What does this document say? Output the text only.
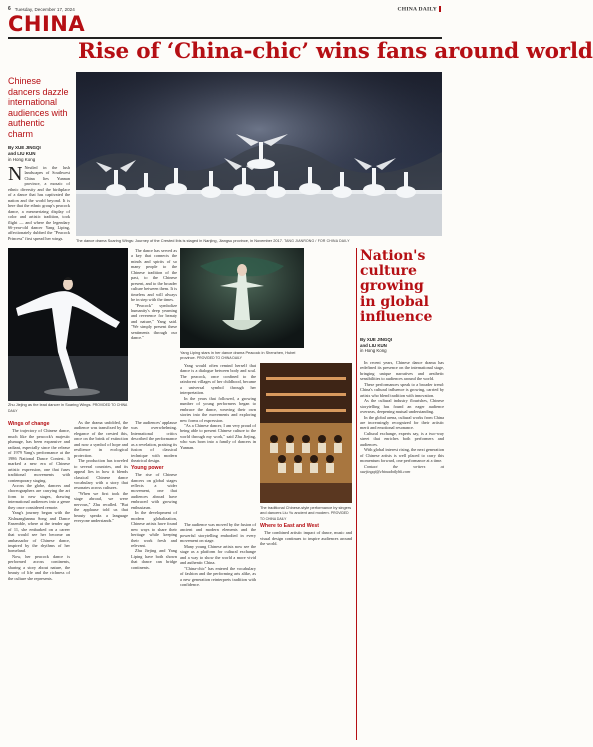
6 Tuesday, December 17, 2024	CHINA DAILY
CHINA
Rise of ‘China-chic’ wins fans around world
Chinese dancers dazzle international audiences with authentic charm
By XUE JINGQI
and LIU KUN
in Hong Kong

N Nestled in the lush landscapes of Southwest China lies Yunnan province, a mosaic of ethnic diversity and the birthplace of a dance that has captivated the nation and the world beyond. It is here that the ethnic group's peacock dance, a mesmerizing display of color and artistic tradition, took flight — and where the legendary 66-year-old dancer Yang Liping, affectionately dubbed the "Peacock Princess" first spread her wings.	The dance drama Soaring Wings: Journey of the Crested Ibis is staged in Nanjing, Jiangsu province, in November 2017. TANG JIANRONG / FOR CHINA DAILY
Zhu Jiejing as the lead dancer in Soaring Wings. PROVIDED TO CHINA DAILY
Yang Liping stars in her dance drama Peacock in Shenzhen, Hubei province. PROVIDED TO CHINA DAILY
The traditional Chinese-style performance by singers and dancers Liu Yu ancient and modern. PROVIDED TO CHINA DAILY

The dance has served as a key that connects the minds and spirits of so many people to the Chinese tradition of the past, to the Chinese present, and to the broader culture between them. It is timeless and will always be in step with the times.

"Peacock" symbolize humanity's deep yearning and reverence for beauty and nature," Yang said. "We simply present these sentiments through our dance."

Yang would often remind herself that dance is a dialogue between body and soul. The peacock, once confined to the rainforest villages of her childhood, became a universal symbol through her interpretation.

In the years that followed, a growing number of young performers began to embrace the dance, weaving their own stories into the movements and exploring new forms of expression.

"As a Chinese dancer, I am very proud of being able to present Chinese culture to the world through my work," said Zhu Jiejing, who was born into a family of dancers in Yunnan.

Wings of change

The trajectory of Chinese dance, much like the peacock's majestic plumage, has been expansive and radiant, especially since the release of 1979 Yang's performance at the 1986 National Dance Contest. It marked a new era of Chinese artistic expression, one that fuses traditional movements with contemporary staging.

Across the globe, dancers and choreographers are carrying the art form to new stages, drawing international audiences into a genre they once considered remote.

Yang's journey began with the Xishuangbanna Song and Dance Ensemble, where at the tender age of 11, she embarked on a career that would see her become an ambassador of Chinese dance, inspired by the rhythms of her homeland.

Now, her peacock dance is performed across continents, sharing a story about nature, the beauty of life and the richness of the culture she represents.

As the drama unfolded, the audience was transfixed by the elegance of the crested ibis, once on the brink of extinction and now a symbol of hope and resilience in ecological protection.

The production has traveled to several countries, and its appeal lies in how it blends classical Chinese dance vocabulary with a story that resonates across cultures.

"When we first took the stage abroad, we were nervous," Zhu recalled. "But the applause told us that beauty speaks a language everyone understands."

The audiences' applause was overwhelming. International critics described the performance as a revelation, praising its fusion of classical technique with modern theatrical design.

Young power

The rise of Chinese dancers on global stages reflects a wider movement, one that audiences abroad have embraced with growing enthusiasm.

In the development of modern globalization, Chinese artists have found new ways to share their heritage while keeping their work fresh and relevant.

Zhu Jiejing and Yang Liping have both shown that dance can bridge continents.

The audience was moved by the fusion of ancient and modern elements and the powerful storytelling embodied in every movement on stage.

Many young Chinese artists now see the stage as a platform for cultural exchange and a way to show the world a more vivid and authentic China.

"China-chic" has entered the vocabulary of fashion and the performing arts alike, as a new generation reinterprets tradition with confidence.

Where to East and West

The combined artistic impact of dance, music and visual design continues to inspire audiences around the world.

Nation's culture growing in global influence
By XUE JINGQI
and LIU KUN
in Hong Kong

In recent years, Chinese dance drama has redefined its presence on the international stage, bringing unique narratives and aesthetic sensibilities to audiences around the world.

These performances speak to a broader trend: China's cultural influence is growing, carried by artists who blend tradition with innovation.

As the cultural industry flourishes, Chinese storytelling has found an eager audience overseas, deepening mutual understanding.

In the global arena, cultural works from China are increasingly recognized for their artistic merit and emotional resonance.

Cultural exchange, experts say, is a two-way street that enriches both performers and audiences.

With global interest rising, the next generation of Chinese artists is well placed to carry this momentum forward, one performance at a time.

Contact the writers at xuejingqi@chinadailyhk.com
